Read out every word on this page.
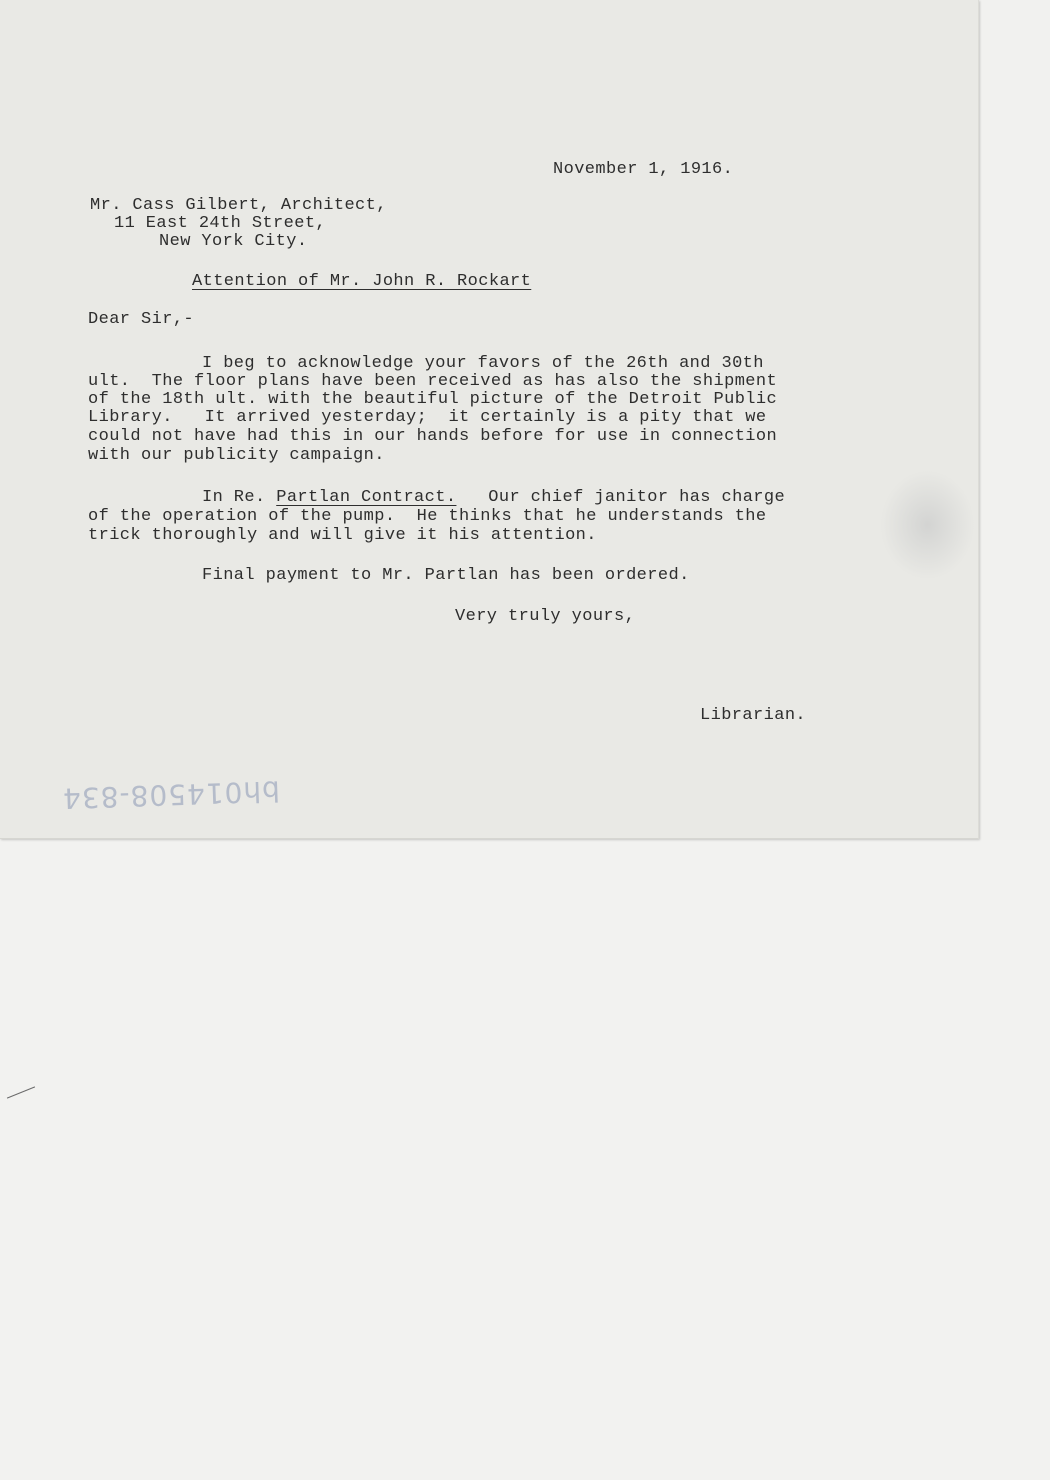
November 1, 1916.

Mr. Cass Gilbert, Architect,

11 East 24th Street,

New York City.

Attention of Mr. John R. Rockart

Dear Sir,-

I beg to acknowledge your favors of the 26th and 30th

ult.  The floor plans have been received as has also the shipment

of the 18th ult. with the beautiful picture of the Detroit Public

Library.   It arrived yesterday;  it certainly is a pity that we

could not have had this in our hands before for use in connection

with our publicity campaign.

In Re. Partlan Contract.   Our chief janitor has charge

of the operation of the pump.  He thinks that he understands the

trick thoroughly and will give it his attention.

Final payment to Mr. Partlan has been ordered.

Very truly yours,

Librarian.

bh014508-834
